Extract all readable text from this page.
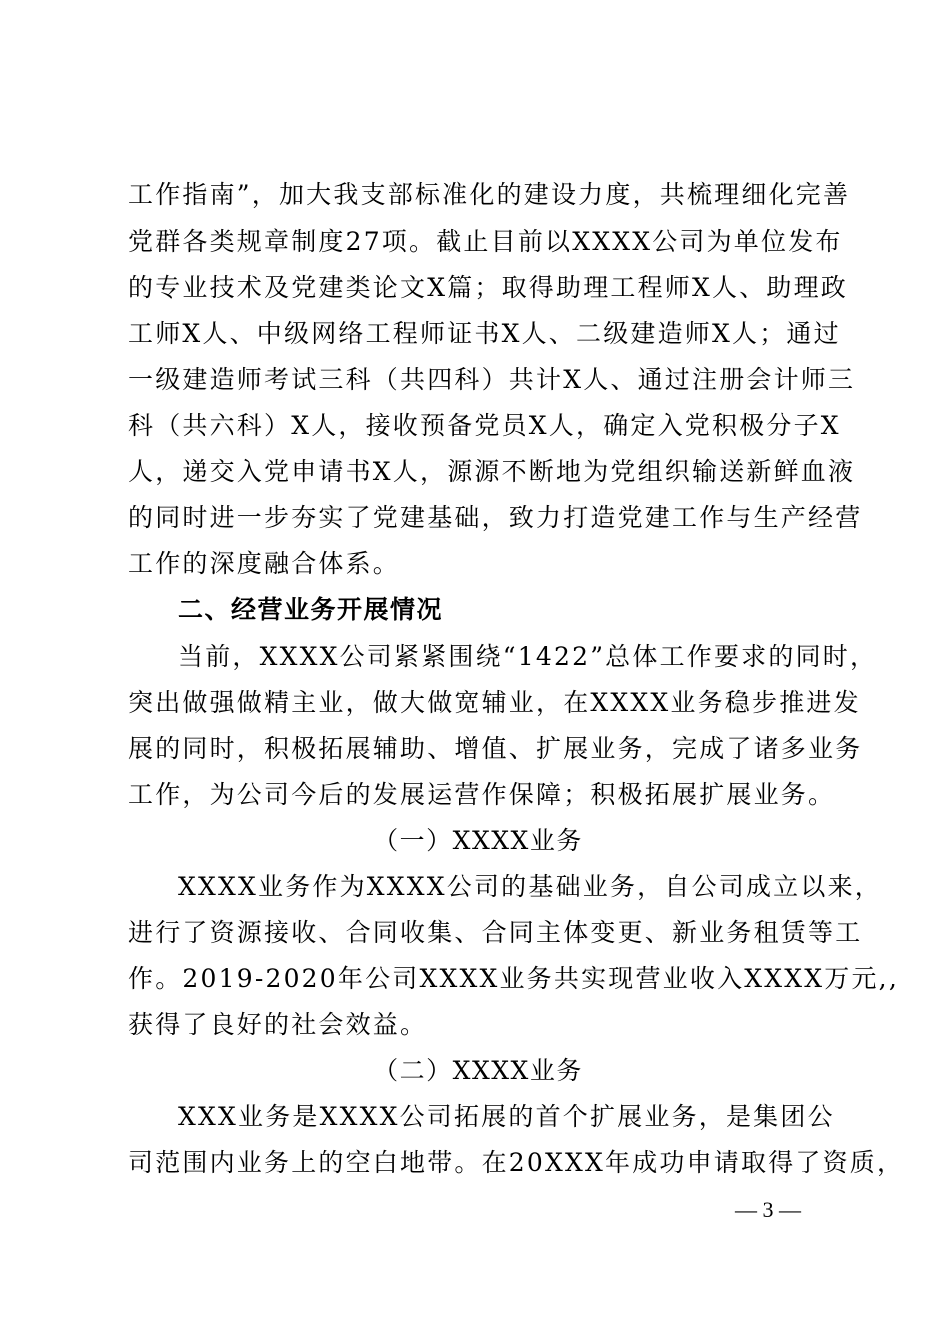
工作指南”，加大我支部标准化的建设力度，共梳理细化完善
党群各类规章制度27项。截止目前以XXXX公司为单位发布
的专业技术及党建类论文X篇；取得助理工程师X人、助理政
工师X人、中级网络工程师证书X人、二级建造师X人；通过
一级建造师考试三科（共四科）共计X人、通过注册会计师三
科（共六科）X人，接收预备党员X人，确定入党积极分子X
人，递交入党申请书X人，源源不断地为党组织输送新鲜血液
的同时进一步夯实了党建基础，致力打造党建工作与生产经营
工作的深度融合体系。
二、经营业务开展情况
当前，XXXX公司紧紧围绕“1422”总体工作要求的同时，
突出做强做精主业，做大做宽辅业，在XXXX业务稳步推进发
展的同时，积极拓展辅助、增值、扩展业务，完成了诸多业务
工作，为公司今后的发展运营作保障；积极拓展扩展业务。
（一）XXXX业务
XXXX业务作为XXXX公司的基础业务，自公司成立以来，
进行了资源接收、合同收集、合同主体变更、新业务租赁等工
作。2019-2020年公司XXXX业务共实现营业收入XXXX万元,,
获得了良好的社会效益。
（二）XXXX业务
XXX业务是XXXX公司拓展的首个扩展业务，是集团公
司范围内业务上的空白地带。在20XXX年成功申请取得了资质，
— 3 —
